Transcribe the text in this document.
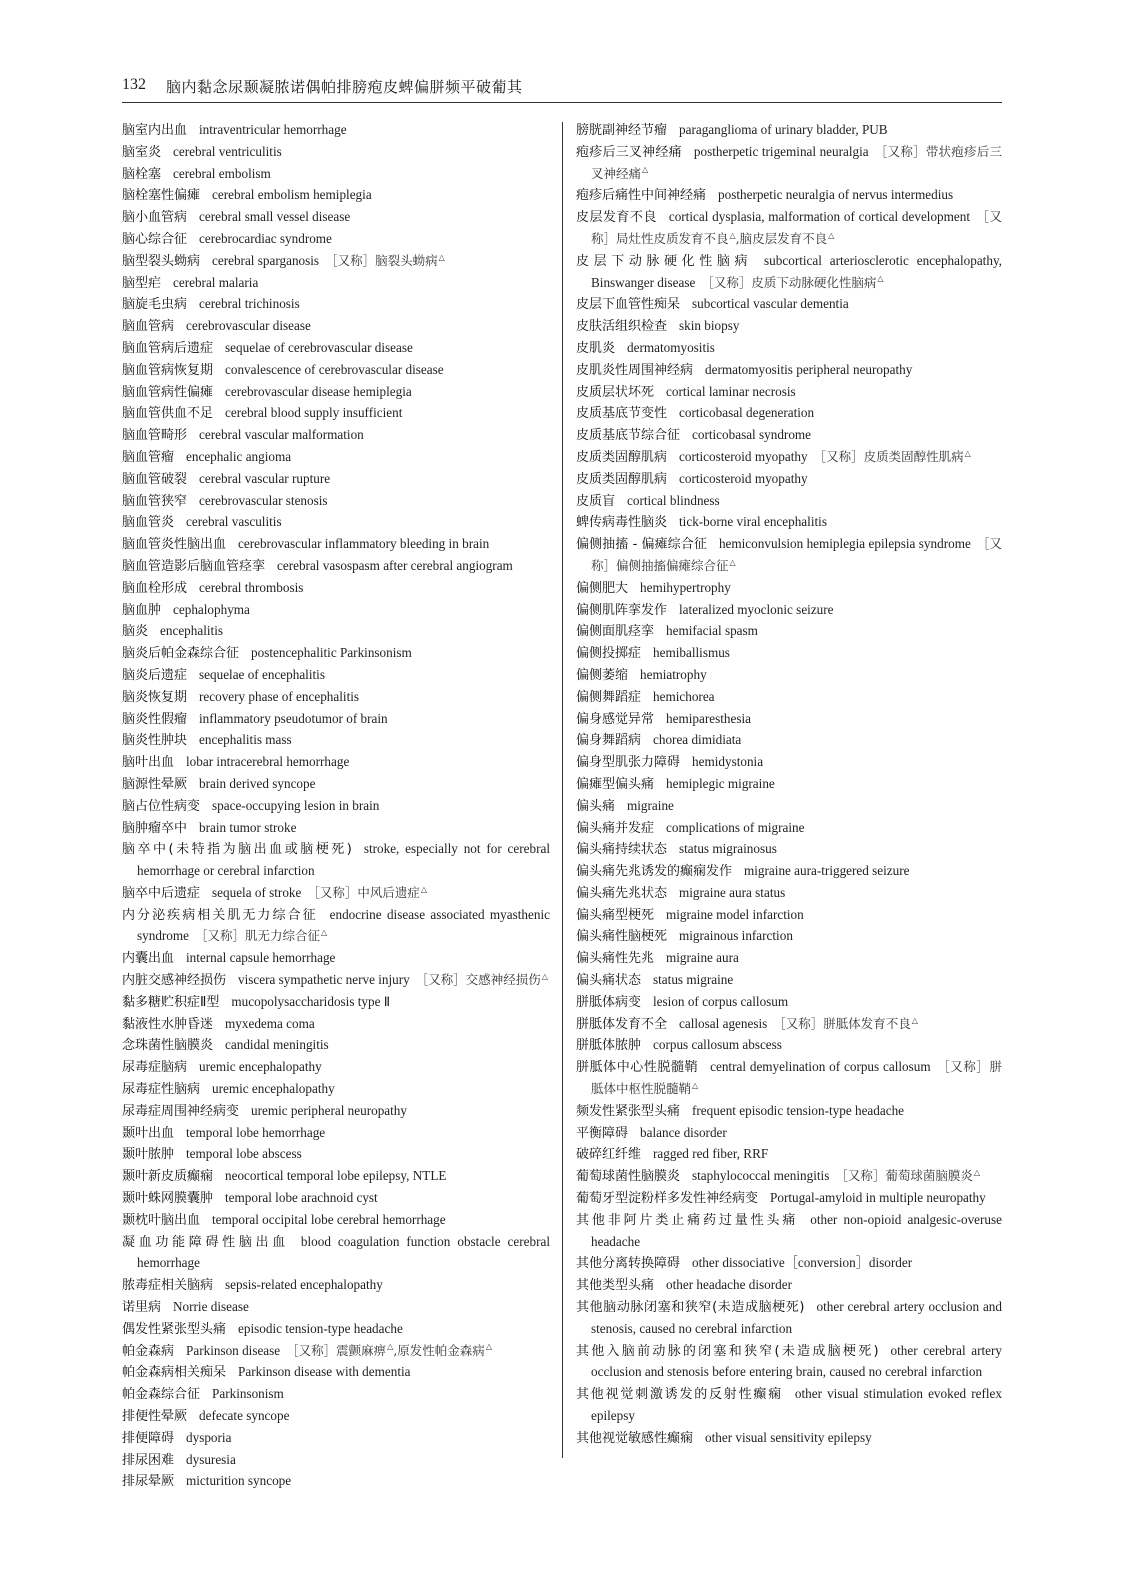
132 脑内黏念尿颞凝脓诺偶帕排膀疱皮蜱偏胼频平破葡其
脑室内出血 intraventricular hemorrhage
脑室炎 cerebral ventriculitis
脑栓塞 cerebral embolism
脑栓塞性偏瘫 cerebral embolism hemiplegia
脑小血管病 cerebral small vessel disease
脑心综合征 cerebrocardiac syndrome
脑型裂头蚴病 cerebral sparganosis ［又称］脑裂头蚴病△
脑型疟 cerebral malaria
脑旋毛虫病 cerebral trichinosis
脑血管病 cerebrovascular disease
脑血管病后遗症 sequelae of cerebrovascular disease
脑血管病恢复期 convalescence of cerebrovascular disease
脑血管病性偏瘫 cerebrovascular disease hemiplegia
脑血管供血不足 cerebral blood supply insufficient
脑血管畸形 cerebral vascular malformation
脑血管瘤 encephalic angioma
脑血管破裂 cerebral vascular rupture
脑血管狭窄 cerebrovascular stenosis
脑血管炎 cerebral vasculitis
脑血管炎性脑出血 cerebrovascular inflammatory bleeding in brain
脑血管造影后脑血管痉挛 cerebral vasospasm after cerebral angiogram
脑血栓形成 cerebral thrombosis
脑血肿 cephalophyma
脑炎 encephalitis
脑炎后帕金森综合征 postencephalitic Parkinsonism
脑炎后遗症 sequelae of encephalitis
脑炎恢复期 recovery phase of encephalitis
脑炎性假瘤 inflammatory pseudotumor of brain
脑炎性肿块 encephalitis mass
脑叶出血 lobar intracerebral hemorrhage
脑源性晕厥 brain derived syncope
脑占位性病变 space-occupying lesion in brain
脑肿瘤卒中 brain tumor stroke
脑卒中(未特指为脑出血或脑梗死) stroke, especially not for cerebral hemorrhage or cerebral infarction
脑卒中后遗症 sequela of stroke ［又称］中风后遗症△
内分泌疾病相关肌无力综合征 endocrine disease associated myasthenic syndrome ［又称］肌无力综合征△
内囊出血 internal capsule hemorrhage
内脏交感神经损伤 viscera sympathetic nerve injury ［又称］交感神经损伤△
黏多糖贮积症Ⅱ型 mucopolysaccharidosis type Ⅱ
黏液性水肿昏迷 myxedema coma
念珠菌性脑膜炎 candidal meningitis
尿毒症脑病 uremic encephalopathy
尿毒症性脑病 uremic encephalopathy
尿毒症周围神经病变 uremic peripheral neuropathy
颞叶出血 temporal lobe hemorrhage
颞叶脓肿 temporal lobe abscess
颞叶新皮质癫痫 neocortical temporal lobe epilepsy, NTLE
颞叶蛛网膜囊肿 temporal lobe arachnoid cyst
颞枕叶脑出血 temporal occipital lobe cerebral hemorrhage
凝血功能障碍性脑出血 blood coagulation function obstacle cerebral hemorrhage
脓毒症相关脑病 sepsis-related encephalopathy
诺里病 Norrie disease
偶发性紧张型头痛 episodic tension-type headache
帕金森病 Parkinson disease ［又称］震颤麻痹△,原发性帕金森病△
帕金森病相关痴呆 Parkinson disease with dementia
帕金森综合征 Parkinsonism
排便性晕厥 defecate syncope
排便障碍 dysporia
排尿困难 dysuresia
排尿晕厥 micturition syncope
膀胱副神经节瘤 paraganglioma of urinary bladder, PUB
疱疹后三叉神经痛 postherpetic trigeminal neuralgia ［又称］带状疱疹后三叉神经痛△
疱疹后痛性中间神经痛 postherpetic neuralgia of nervus intermedius
皮层发育不良 cortical dysplasia, malformation of cortical development ［又称］局灶性皮质发育不良△,脑皮层发育不良△
皮层下动脉硬化性脑病 subcortical arteriosclerotic encephalopathy, Binswanger disease ［又称］皮质下动脉硬化性脑病△
皮层下血管性痴呆 subcortical vascular dementia
皮肤活组织检查 skin biopsy
皮肌炎 dermatomyositis
皮肌炎性周围神经病 dermatomyositis peripheral neuropathy
皮质层状坏死 cortical laminar necrosis
皮质基底节变性 corticobasal degeneration
皮质基底节综合征 corticobasal syndrome
皮质类固醇肌病 corticosteroid myopathy ［又称］皮质类固醇性肌病△
皮质类固醇肌病 corticosteroid myopathy
皮质盲 cortical blindness
蜱传病毒性脑炎 tick-borne viral encephalitis
偏侧抽搐 - 偏瘫综合征 hemiconvulsion hemiplegia epilepsia syndrome ［又称］偏侧抽搐偏瘫综合征△
偏侧肥大 hemihypertrophy
偏侧肌阵挛发作 lateralized myoclonic seizure
偏侧面肌痉挛 hemifacial spasm
偏侧投掷症 hemiballismus
偏侧萎缩 hemiatrophy
偏侧舞蹈症 hemichorea
偏身感觉异常 hemiparesthesia
偏身舞蹈病 chorea dimidiata
偏身型肌张力障碍 hemidystonia
偏瘫型偏头痛 hemiplegic migraine
偏头痛 migraine
偏头痛并发症 complications of migraine
偏头痛持续状态 status migrainosus
偏头痛先兆诱发的癫痫发作 migraine aura-triggered seizure
偏头痛先兆状态 migraine aura status
偏头痛型梗死 migraine model infarction
偏头痛性脑梗死 migrainous infarction
偏头痛性先兆 migraine aura
偏头痛状态 status migraine
胼胝体病变 lesion of corpus callosum
胼胝体发育不全 callosal agenesis ［又称］胼胝体发育不良△
胼胝体脓肿 corpus callosum abscess
胼胝体中心性脱髓鞘 central demyelination of corpus callosum ［又称］胼胝体中枢性脱髓鞘△
频发性紧张型头痛 frequent episodic tension-type headache
平衡障碍 balance disorder
破碎红纤维 ragged red fiber, RRF
葡萄球菌性脑膜炎 staphylococcal meningitis ［又称］葡萄球菌脑膜炎△
葡萄牙型淀粉样多发性神经病变 Portugal-amyloid in multiple neuropathy
其他非阿片类止痛药过量性头痛 other non-opioid analgesic-overuse headache
其他分离转换障碍 other dissociative［conversion］disorder
其他类型头痛 other headache disorder
其他脑动脉闭塞和狭窄(未造成脑梗死) other cerebral artery occlusion and stenosis, caused no cerebral infarction
其他入脑前动脉的闭塞和狭窄(未造成脑梗死) other cerebral artery occlusion and stenosis before entering brain, caused no cerebral infarction
其他视觉刺激诱发的反射性癫痫 other visual stimulation evoked reflex epilepsy
其他视觉敏感性癫痫 other visual sensitivity epilepsy
